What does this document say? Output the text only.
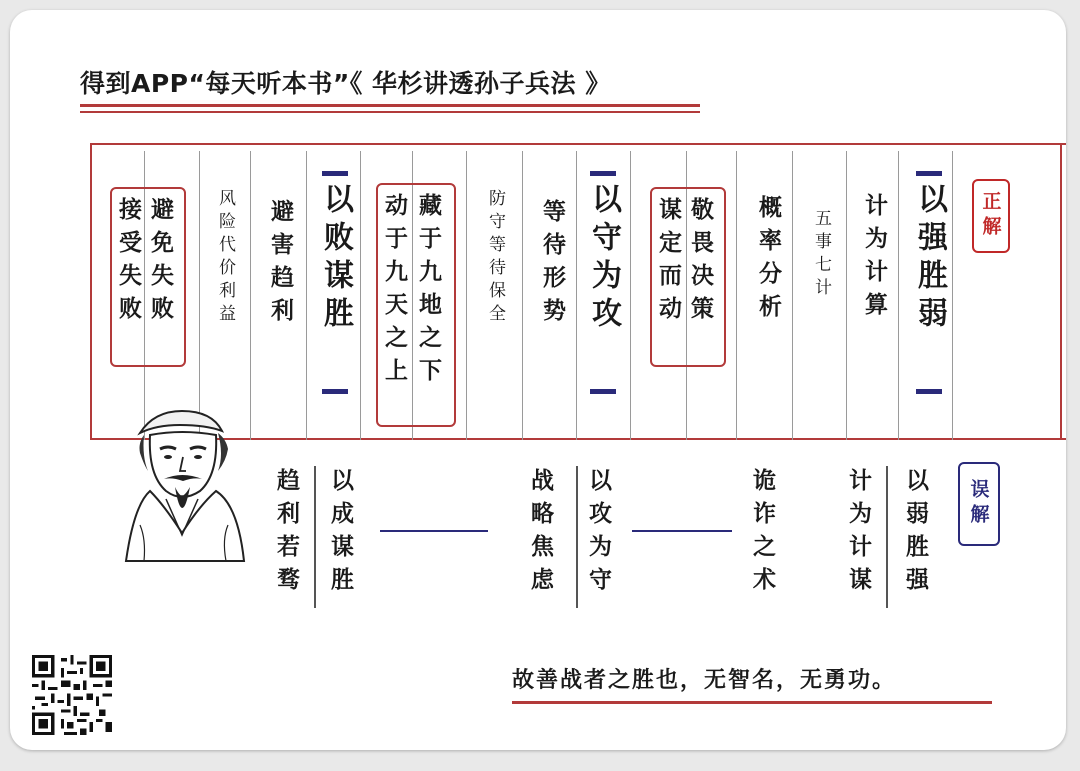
得到APP“每天听本书”《 华杉讲透孙子兵法 》
正解
以强胜弱
计为计算
五事七计
概率分析
敬畏决策
谋定而动
以守为攻
等待形势
防守等待保全
藏于九地之下
动于九天之上
以败谋胜
避害趋利
风险代价利益
避免失败
接受失败
误解
以弱胜强
计为计谋
诡诈之术
以攻为守
战略焦虑
以成谋胜
趋利若骛
故善战者之胜也，无智名，无勇功。
